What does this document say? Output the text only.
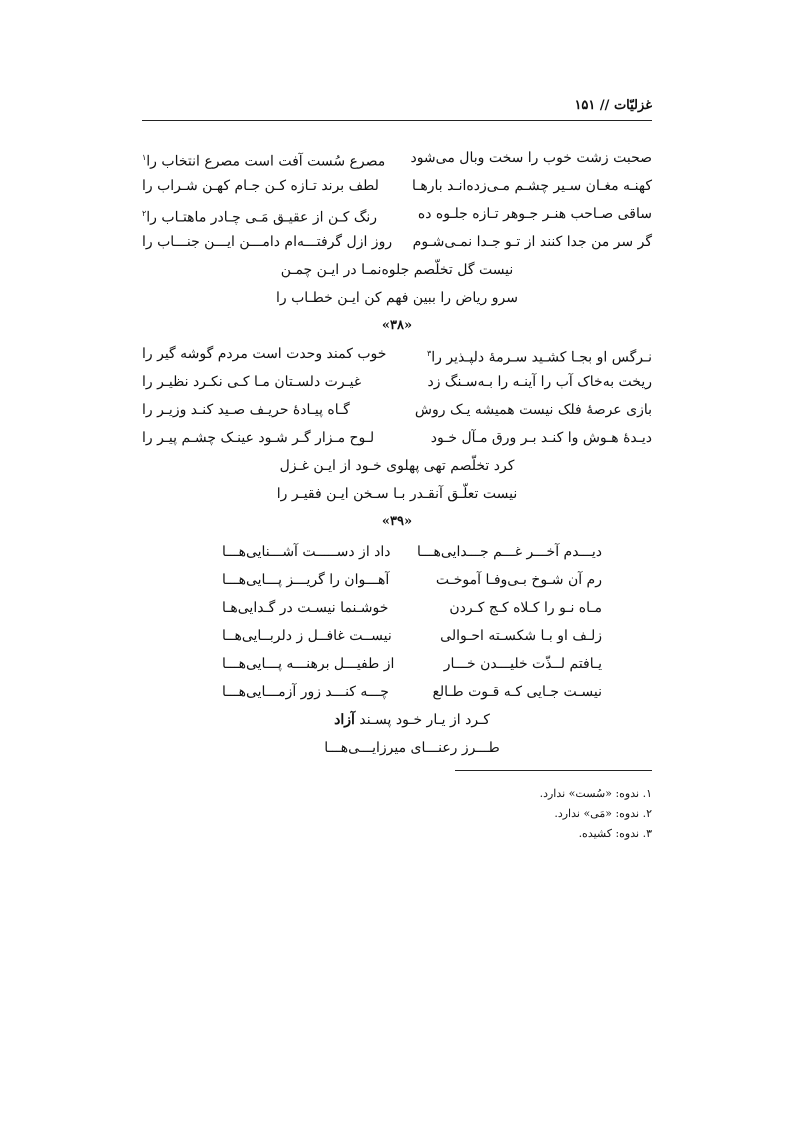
غزلیّات // ۱۵۱
صحبت زشت خوب را سخت وبال می‌شود
مصرع سُست آفت است مصرع انتخاب را$^۱$
کهنـه مغـان سـیر چشـم مـی‌زده‌انـد بارهـا
لطف برند تـازه کـن جـام کهـن شـراب را
ساقی صـاحب هنـر جـوهر تـازه جلـوه ده
رنگ کـن از عقیـق مَـی چـادر ماهتـاب را$^۲$
گر سر من جدا کنند از تـو جـدا نمـی‌شـوم
روز ازل گرفتـــه‌ام دامـــن ایـــن جنـــاب را
نیست گل تخلّصم جلوه‌نمـا در ایـن چمـن
سرو ریاض را ببین فهم کن ایـن خطـاب را
«۳۸»
نـرگس او بجـا کشـید سـرمهٔ دلپـذیر را$^۳$
خوب کمند وحدت است مردم گوشه گیر را
ریخت به‌خاک آب را آینـه را بـه‌سـنگ زد
غیـرت دلسـتان مـا کـی نکـرد نظیـر را
بازی عرصهٔ فلک نیست همیشه یـک روش
گـاه پیـادهٔ حریـف صـید کنـد وزیـر را
دیـدهٔ هـوش وا کنـد بـر ورق مـآل خـود
لـوح مـزار گـر شـود عینـک چشـم پیـر را
کرد تخلّصم تهی پهلوی خـود از ایـن غـزل
نیست تعلّـق آنقـدر بـا سـخن ایـن فقیـر را
«۳۹»
دیـــدم آخـــر غـــم جـــدایی‌هـــا
داد از دســـــت آشـــنایی‌هـــا
رم آن شـوخ بـی‌وفـا آموخـت
آهـــوان را گریـــز پـــایی‌هـــا
مـاه نـو را کـلاه کـج کـردن
خوشـنما نیسـت در گـدایی‌هـا
زلـف او بـا شکسـته احـوالی
نیســت غافــل ز دلربــایی‌هــا
یـافتم لــذّت خلیـــدن خـــار
از طفیـــل برهنـــه پـــایی‌هـــا
نیسـت جـایی کـه قـوت طـالع
چـــه کنـــد زور آزمـــایی‌هـــا
کـرد از یـار خـود پسـند آزاد
طـــرز رعنـــای میرزایـــی‌هـــا
۱. ندوه: «سُست» ندارد.
۲. ندوه: «مَی» ندارد.
۳. ندوه: کشیده.
